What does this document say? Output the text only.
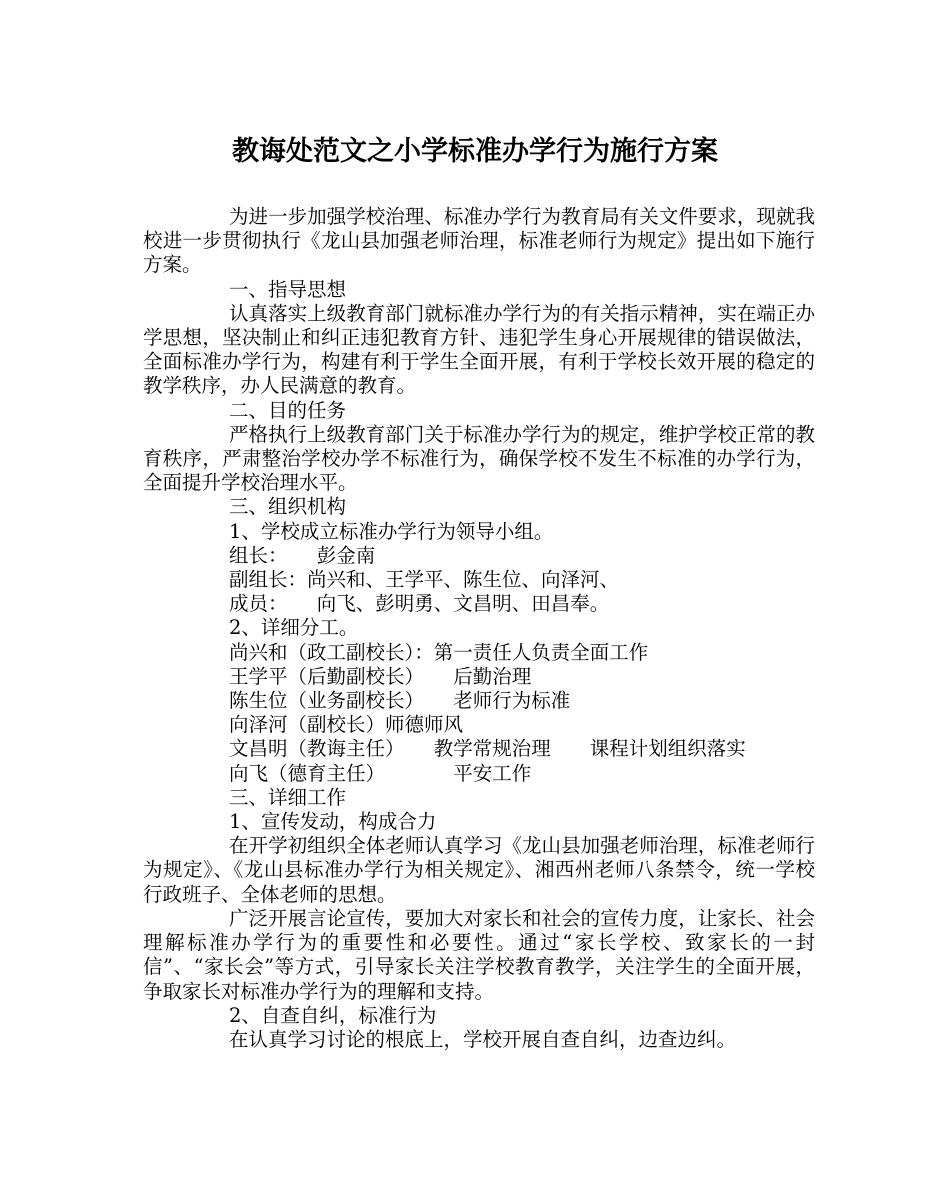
教诲处范文之小学标准办学行为施行方案

为进一步加强学校治理、标准办学行为教育局有关文件要求，现就我校进一步贯彻执行《龙山县加强老师治理，标准老师行为规定》提出如下施行方案。

一、指导思想

认真落实上级教育部门就标准办学行为的有关指示精神，实在端正办学思想，坚决制止和纠正违犯教育方针、违犯学生身心开展规律的错误做法，全面标准办学行为，构建有利于学生全面开展，有利于学校长效开展的稳定的教学秩序，办人民满意的教育。

二、目的任务

严格执行上级教育部门关于标准办学行为的规定，维护学校正常的教育秩序，严肃整治学校办学不标准行为，确保学校不发生不标准的办学行为，全面提升学校治理水平。

三、组织机构

1、学校成立标准办学行为领导小组。

组长：　　彭金南

副组长：尚兴和、王学平、陈生位、向泽河、

成员：　　向飞、彭明勇、文昌明、田昌奉。

2、详细分工。

尚兴和（政工副校长）：第一责任人负责全面工作

王学平（后勤副校长）　　后勤治理

陈生位（业务副校长）　　老师行为标准

向泽河（副校长）师德师风

文昌明（教诲主任）　　教学常规治理　　课程计划组织落实

向飞（德育主任）　　　　平安工作

三、详细工作

1、宣传发动，构成合力

在开学初组织全体老师认真学习《龙山县加强老师治理，标准老师行为规定》、《龙山县标准办学行为相关规定》、湘西州老师八条禁令，统一学校行政班子、全体老师的思想。

广泛开展言论宣传，要加大对家长和社会的宣传力度，让家长、社会理解标准办学行为的重要性和必要性。通过“家长学校、致家长的一封信”、“家长会”等方式，引导家长关注学校教育教学，关注学生的全面开展，争取家长对标准办学行为的理解和支持。

2、自查自纠，标准行为

在认真学习讨论的根底上，学校开展自查自纠，边查边纠。
